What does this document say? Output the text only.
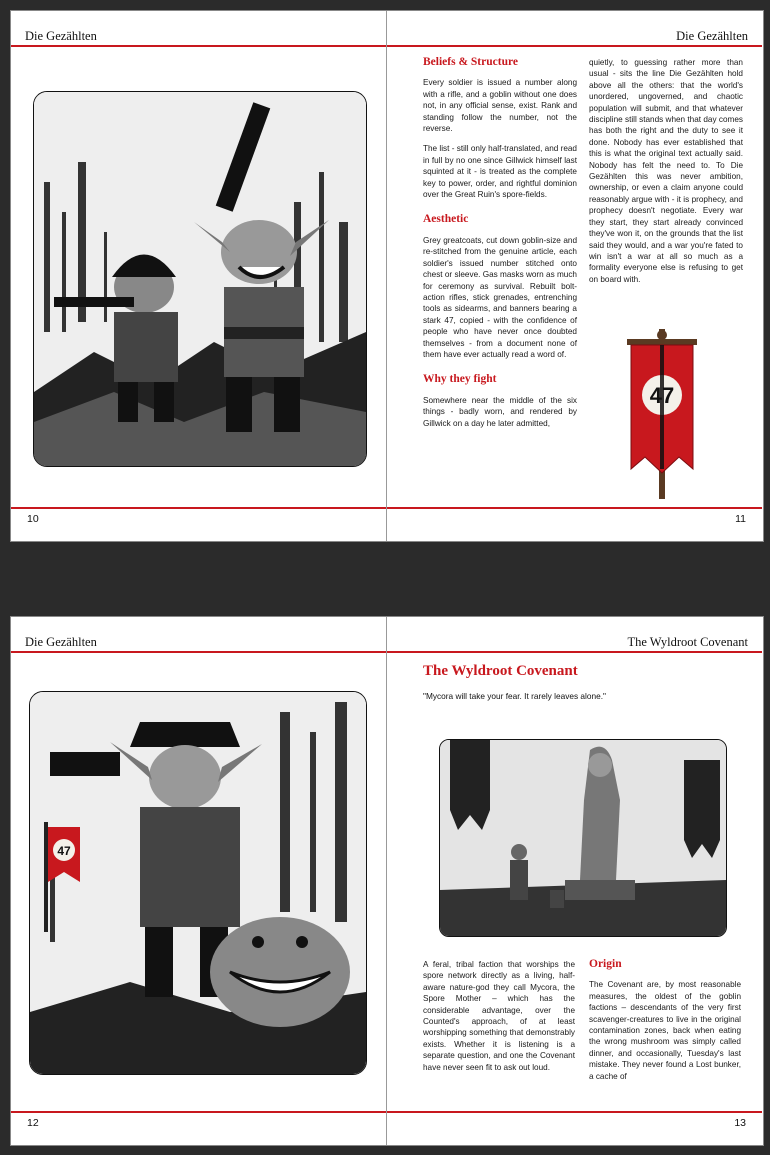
Die Gezählten
10
Die Gezählten
Beliefs & Structure

Every soldier is issued a number along with a rifle, and a goblin without one does not, in any official sense, exist. Rank and standing follow the number, not the reverse.

The list - still only half-translated, and read in full by no one since Gillwick himself last squinted at it - is treated as the complete key to power, order, and rightful dominion over the Great Ruin's spore-fields.

Aesthetic

Grey greatcoats, cut down goblin-size and re-stitched from the genuine article, each soldier's issued number stitched onto chest or sleeve. Gas masks worn as much for ceremony as survival. Rebuilt bolt-action rifles, stick grenades, entrenching tools as sidearms, and banners bearing a stark 47, copied - with the confidence of people who have never once doubted themselves - from a document none of them have ever actually read a word of.

Why they fight

Somewhere near the middle of the six things - badly worn, and rendered by Gillwick on a day he later admitted,

quietly, to guessing rather more than usual - sits the line Die Gezählten hold above all the others: that the world's unordered, ungoverned, and chaotic population will submit, and that whatever discipline still stands when that day comes has both the right and the duty to see it done. Nobody has ever established that this is what the original text actually said. Nobody has felt the need to. To Die Gezählten this was never ambition, ownership, or even a claim anyone could reasonably argue with - it is prophecy, and prophecy doesn't negotiate. Every war they start, they start already convinced they've won it, on the grounds that the list said they would, and a war you're fated to win isn't a war at all so much as a formality everyone else is refusing to get on board with.

47
11
Die Gezählten
47
12
The Wyldroot Covenant
The Wyldroot Covenant
"Mycora will take your fear. It rarely leaves alone."

A feral, tribal faction that worships the spore network directly as a living, half-aware nature-god they call Mycora, the Spore Mother – which has the considerable advantage, over the Counted's approach, of at least worshipping something that demonstrably exists. Whether it is listening is a separate question, and one the Covenant have never seen fit to ask out loud.

Origin

The Covenant are, by most reasonable measures, the oldest of the goblin factions – descendants of the very first scavenger-creatures to live in the original contamination zones, back when eating the wrong mushroom was simply called dinner, and occasionally, Tuesday's last mistake. They never found a Lost bunker, a cache of

13
